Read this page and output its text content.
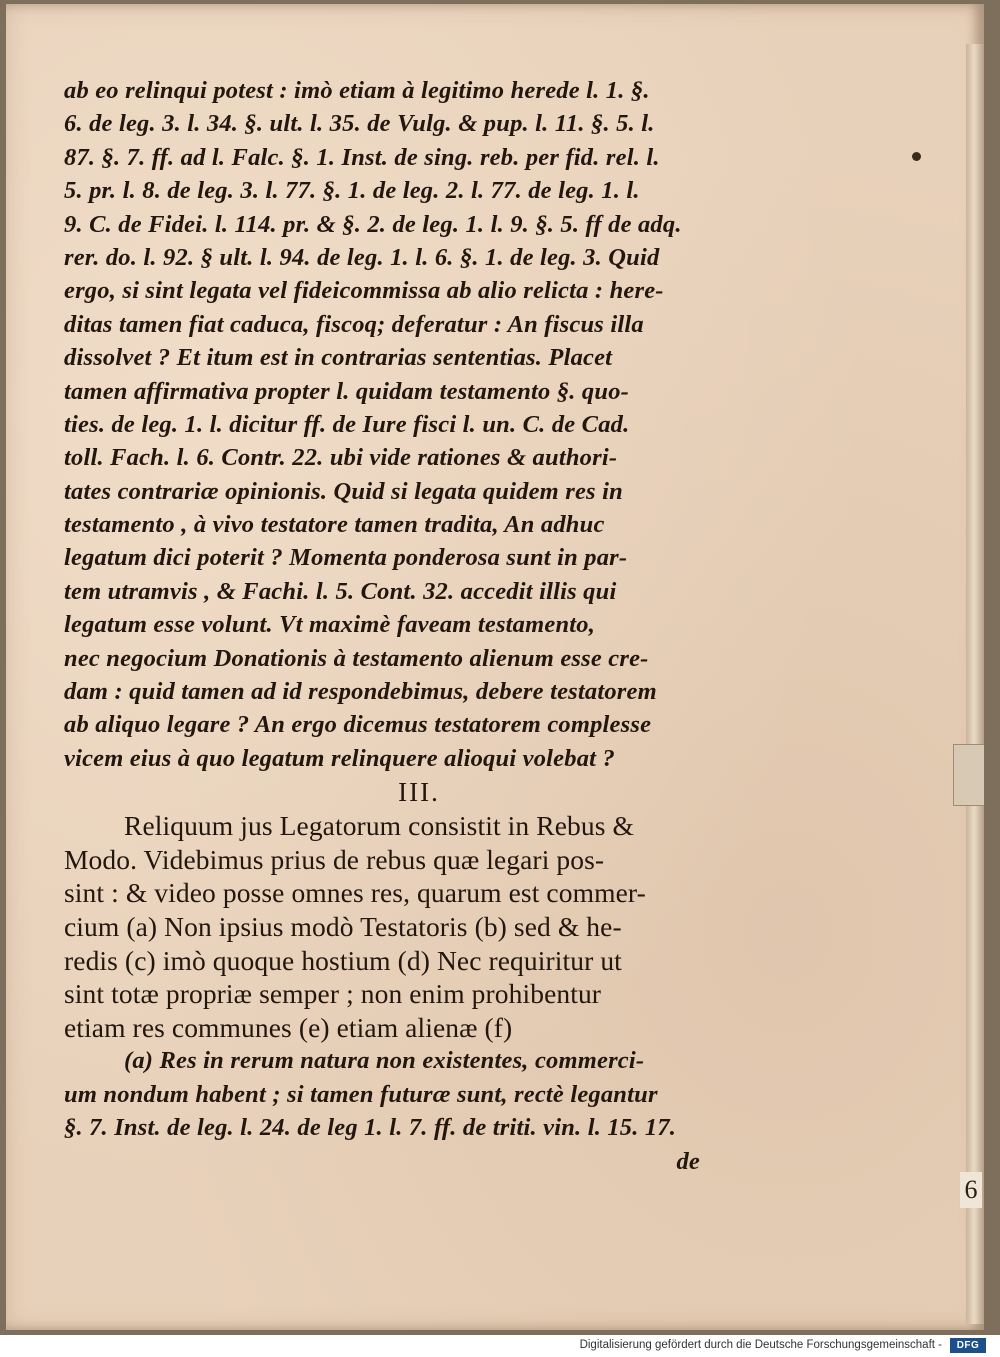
6
ab eo relinqui potest : imò etiam à legitimo herede l. 1. §.
6. de leg. 3. l. 34. §. ult. l. 35. de Vulg. & pup. l. 11. §. 5. l.
87. §. 7. ff. ad l. Falc. §. 1. Inst. de sing. reb. per fid. rel. l.
5. pr. l. 8. de leg. 3. l. 77. §. 1. de leg. 2. l. 77. de leg. 1. l.
9. C. de Fidei. l. 114. pr. & §. 2. de leg. 1. l. 9. §. 5. ff de adq.
rer. do. l. 92. § ult. l. 94. de leg. 1. l. 6. §. 1. de leg. 3. Quid
ergo, si sint legata vel fideicommissa ab alio relicta : here-
ditas tamen fiat caduca, fiscoq; deferatur : An fiscus illa
dissolvet ? Et itum est in contrarias sententias. Placet
tamen affirmativa propter l. quidam testamento §. quo-
ties. de leg. 1. l. dicitur ff. de Iure fisci l. un. C. de Cad.
toll. Fach. l. 6. Contr. 22. ubi vide rationes & authori-
tates contrariæ opinionis. Quid si legata quidem res in
testamento , à vivo testatore tamen tradita, An adhuc
legatum dici poterit ? Momenta ponderosa sunt in par-
tem utramvis , & Fachi. l. 5. Cont. 32. accedit illis qui
legatum esse volunt. Vt maximè faveam testamento,
nec negocium Donationis à testamento alienum esse cre-
dam : quid tamen ad id respondebimus, debere testatorem
ab aliquo legare ? An ergo dicemus testatorem complesse
vicem eius à quo legatum relinquere alioqui volebat ?
III.
Reliquum jus Legatorum consistit in Rebus &
Modo. Videbimus prius de rebus quæ legari pos-
sint : & video posse omnes res, quarum est commer-
cium (a) Non ipsius modò Testatoris (b) sed & he-
redis (c) imò quoque hostium (d) Nec requiritur ut
sint totæ propriæ semper ; non enim prohibentur
etiam res communes (e) etiam alienæ (f)
(a) Res in rerum natura non existentes, commerci-
um nondum habent ; si tamen futuræ sunt, rectè legantur
§. 7. Inst. de leg. l. 24. de leg 1. l. 7. ff. de triti. vin. l. 15. 17.
de
Digitalisierung gefördert durch die Deutsche Forschungsgemeinschaft -	DFG
